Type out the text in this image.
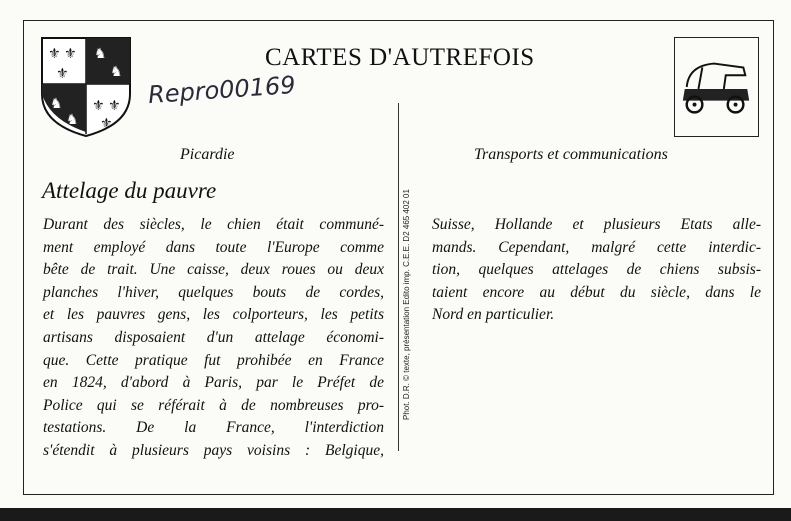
⚜ ⚜
⚜
⚜ ⚜
⚜
♞
♞
♞
♞
CARTES D'AUTREFOIS
Repro00169
Picardie	Transports et communications
Attelage du pauvre
Durant des siècles, le chien était communé-
ment employé dans toute l'Europe comme
bête de trait. Une caisse, deux roues ou deux
planches l'hiver, quelques bouts de cordes,
et les pauvres gens, les colporteurs, les petits
artisans disposaient d'un attelage économi-
que. Cette pratique fut prohibée en France
en 1824, d'abord à Paris, par le Préfet de
Police qui se référait à de nombreuses pro-
testations. De la France, l'interdiction
s'étendit à plusieurs pays voisins : Belgique,
Phot. D.R. © texte, présentation Edito imp. C.E.E. D2 465 402 01 Suisse, Hollande et plusieurs Etats alle-
mands. Cependant, malgré cette interdic-
tion, quelques attelages de chiens subsis-
taient encore au début du siècle, dans le
Nord en particulier.
